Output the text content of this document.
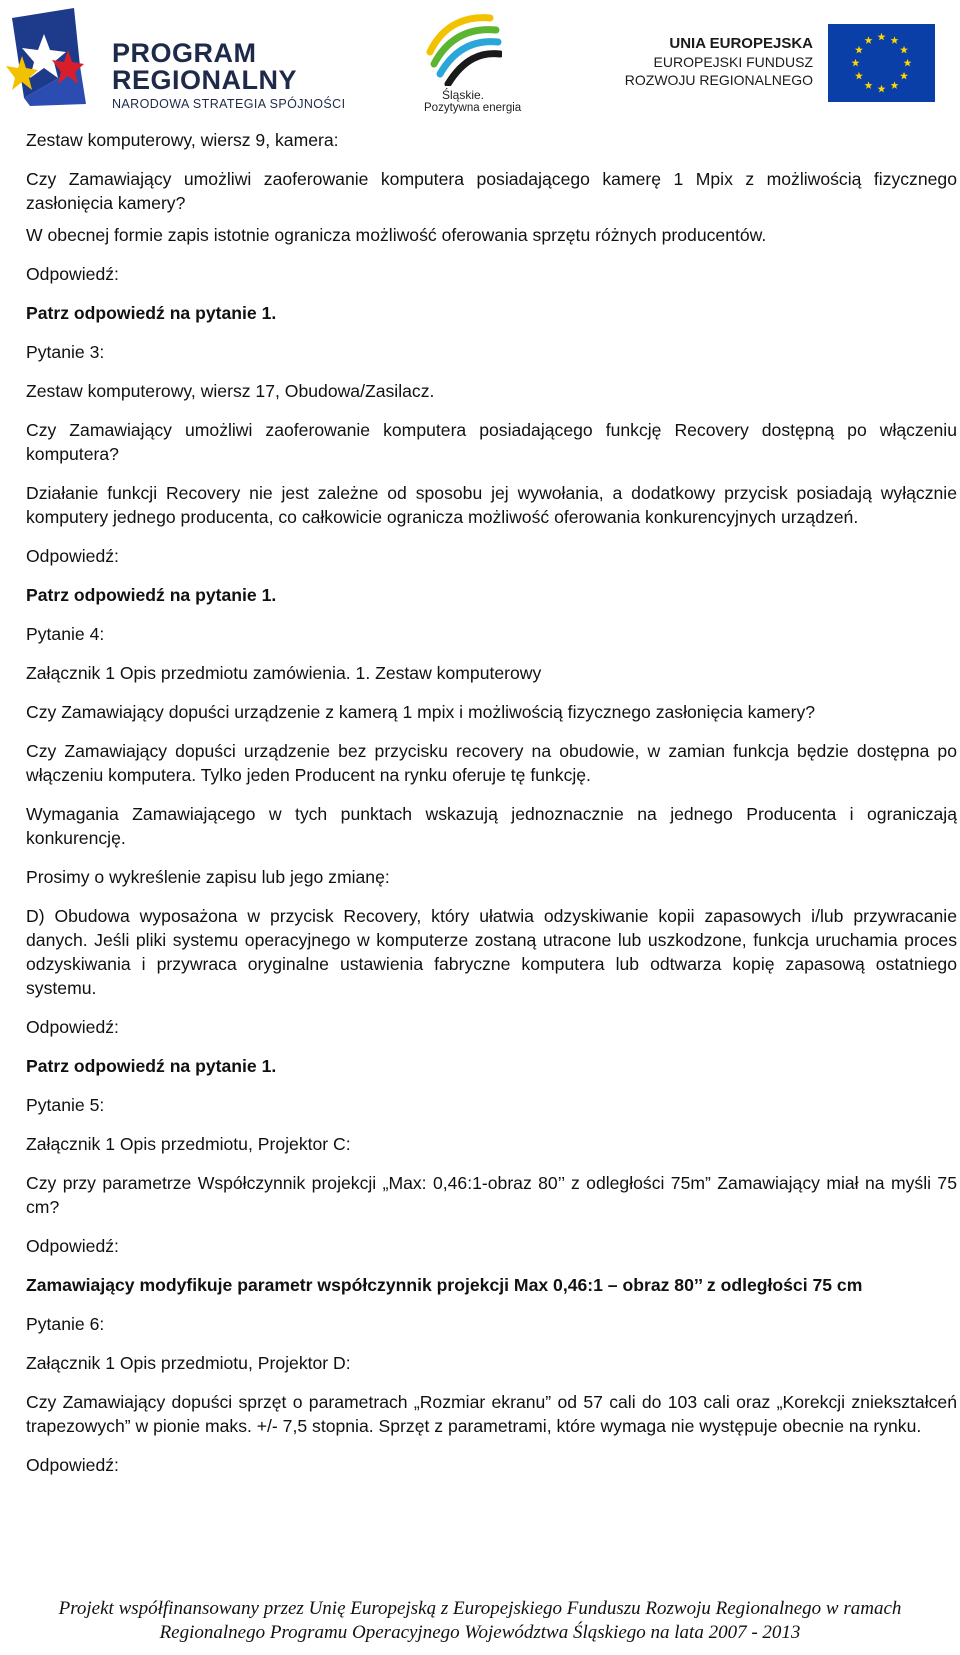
PROGRAM
REGIONALNY
NARODOWA STRATEGIA SPÓJNOŚCI
Śląskie.
Pozytywna energia
UNIA EUROPEJSKA
EUROPEJSKI FUNDUSZ
ROZWOJU REGIONALNEGO

Zestaw komputerowy, wiersz 9, kamera:

Czy Zamawiający umożliwi zaoferowanie komputera posiadającego kamerę 1 Mpix z możliwością fizycznego zasłonięcia kamery?

W obecnej formie zapis istotnie ogranicza możliwość oferowania sprzętu różnych producentów.

Odpowiedź:

Patrz odpowiedź na pytanie 1.

Pytanie 3:

Zestaw komputerowy, wiersz 17, Obudowa/Zasilacz.

Czy Zamawiający umożliwi zaoferowanie komputera posiadającego funkcję Recovery dostępną po włączeniu komputera?

Działanie funkcji Recovery nie jest zależne od sposobu jej wywołania, a dodatkowy przycisk posiadają wyłącznie komputery jednego producenta, co całkowicie ogranicza możliwość oferowania konkurencyjnych urządzeń.

Odpowiedź:

Patrz odpowiedź na pytanie 1.

Pytanie 4:

Załącznik 1 Opis przedmiotu zamówienia. 1. Zestaw komputerowy

Czy Zamawiający dopuści urządzenie z kamerą 1 mpix i możliwością fizycznego zasłonięcia kamery?

Czy Zamawiający dopuści urządzenie bez przycisku recovery na obudowie, w zamian funkcja będzie dostępna po włączeniu komputera. Tylko jeden Producent na rynku oferuje tę funkcję.

Wymagania Zamawiającego w tych punktach wskazują jednoznacznie na jednego Producenta i ograniczają konkurencję.

Prosimy o wykreślenie zapisu lub jego zmianę:

D) Obudowa wyposażona w przycisk Recovery, który ułatwia odzyskiwanie kopii zapasowych i/lub przywracanie danych. Jeśli pliki systemu operacyjnego w komputerze zostaną utracone lub uszkodzone, funkcja uruchamia proces odzyskiwania i przywraca oryginalne ustawienia fabryczne komputera lub odtwarza kopię zapasową ostatniego systemu.

Odpowiedź:

Patrz odpowiedź na pytanie 1.

Pytanie 5:

Załącznik 1 Opis przedmiotu, Projektor C:

Czy przy parametrze Współczynnik projekcji „Max: 0,46:1-obraz 80’’ z odległości 75m” Zamawiający miał na myśli 75 cm?

Odpowiedź:

Zamawiający modyfikuje parametr współczynnik projekcji Max 0,46:1 – obraz 80’’ z odległości 75 cm

Pytanie 6:

Załącznik 1 Opis przedmiotu, Projektor D:

Czy Zamawiający dopuści sprzęt o parametrach „Rozmiar ekranu” od 57 cali do 103 cali oraz „Korekcji zniekształceń trapezowych” w pionie maks. +/- 7,5 stopnia. Sprzęt z parametrami, które wymaga nie występuje obecnie na rynku.

Odpowiedź:

Projekt współfinansowany przez Unię Europejską z Europejskiego Funduszu Rozwoju Regionalnego w ramach
Regionalnego Programu Operacyjnego Województwa Śląskiego na lata 2007 - 2013
